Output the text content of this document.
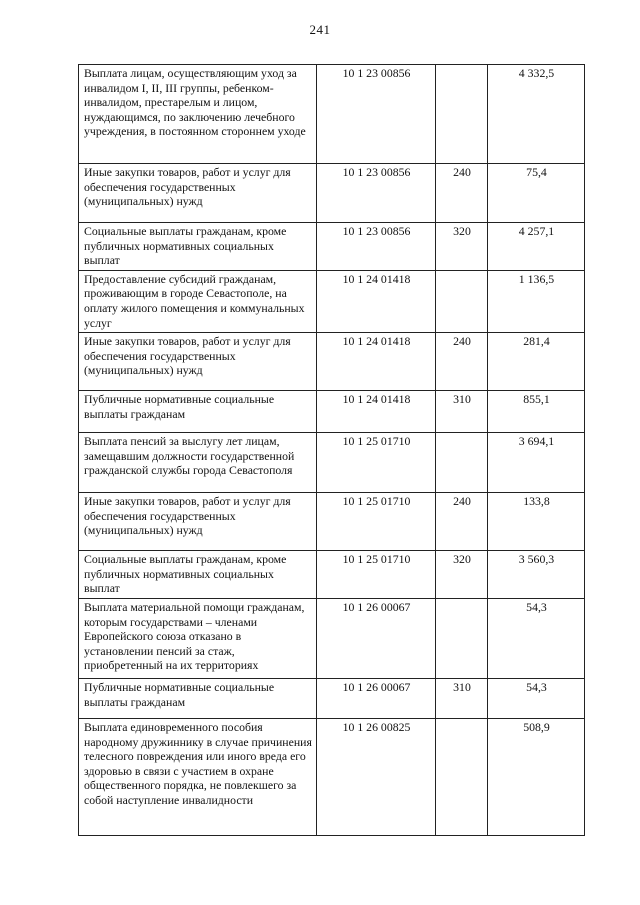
241
Выплата лицам, осуществляющим уход за инвалидом I, II, III группы, ребенком-инвалидом, престарелым и лицом, нуждающимся, по заключению лечебного учреждения, в постоянном стороннем уходе	10 1 23 00856		4 332,5
Иные закупки товаров, работ и услуг для обеспечения государственных (муниципальных) нужд	10 1 23 00856	240	75,4
Социальные выплаты гражданам, кроме публичных нормативных социальных выплат	10 1 23 00856	320	4 257,1
Предоставление субсидий гражданам, проживающим в городе Севастополе, на оплату жилого помещения и коммунальных услуг	10 1 24 01418		1 136,5
Иные закупки товаров, работ и услуг для обеспечения государственных (муниципальных) нужд	10 1 24 01418	240	281,4
Публичные нормативные социальные выплаты гражданам	10 1 24 01418	310	855,1
Выплата пенсий за выслугу лет лицам, замещавшим должности государственной гражданской службы города Севастополя	10 1 25 01710		3 694,1
Иные закупки товаров, работ и услуг для обеспечения государственных (муниципальных) нужд	10 1 25 01710	240	133,8
Социальные выплаты гражданам, кроме публичных нормативных социальных выплат	10 1 25 01710	320	3 560,3
Выплата материальной помощи гражданам, которым государствами – членами Европейского союза отказано в установлении пенсий за стаж, приобретенный на их территориях	10 1 26 00067		54,3
Публичные нормативные социальные выплаты гражданам	10 1 26 00067	310	54,3
Выплата единовременного пособия народному дружиннику в случае причинения телесного повреждения или иного вреда его здоровью в связи с участием в охране общественного порядка, не повлекшего за собой наступление инвалидности	10 1 26 00825		508,9
